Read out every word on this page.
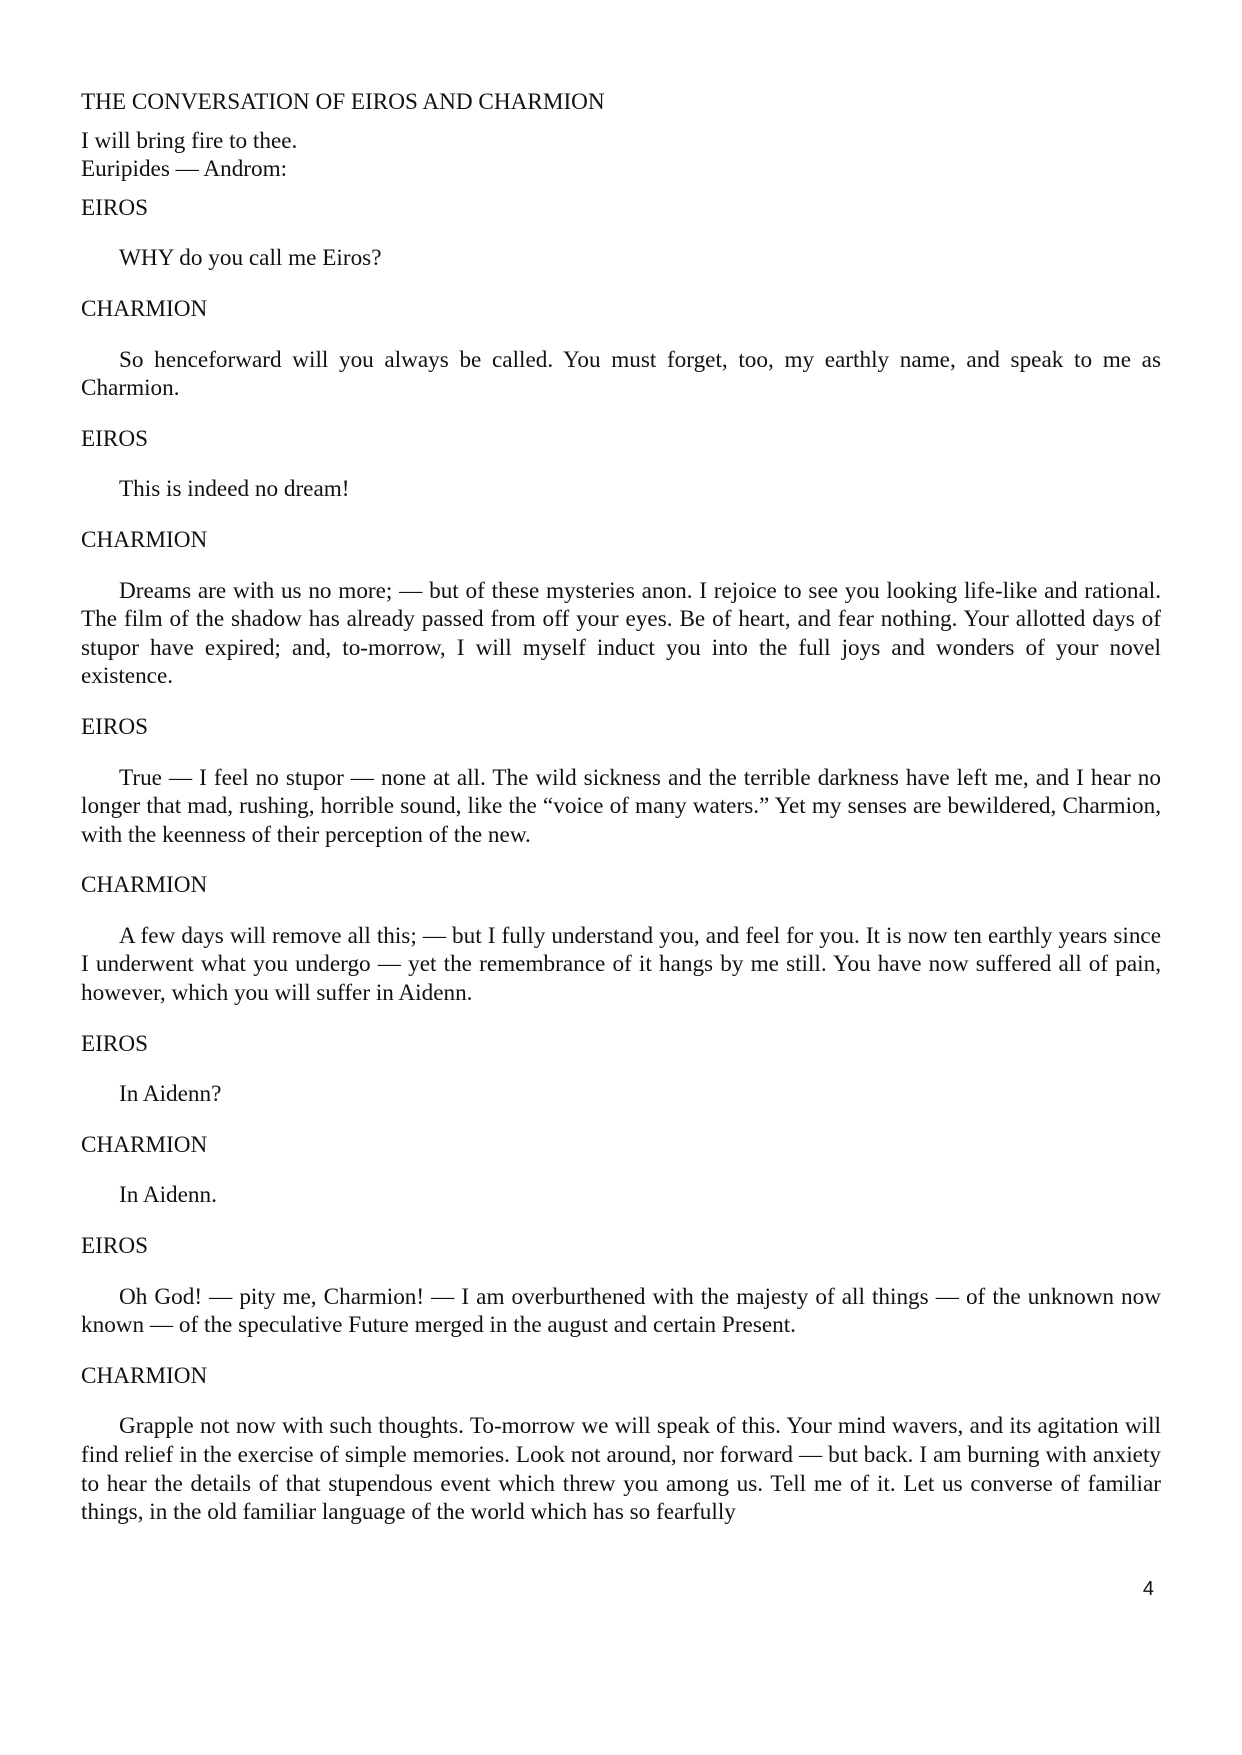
THE CONVERSATION OF EIROS AND CHARMION
I will bring fire to thee.
Euripides — Androm:
EIROS
WHY do you call me Eiros?
CHARMION
So henceforward will you always be called. You must forget, too, my earthly name, and speak to me as Charmion.
EIROS
This is indeed no dream!
CHARMION
Dreams are with us no more; — but of these mysteries anon. I rejoice to see you looking life-like and rational. The film of the shadow has already passed from off your eyes. Be of heart, and fear nothing. Your allotted days of stupor have expired; and, to-morrow, I will myself induct you into the full joys and wonders of your novel existence.
EIROS
True — I feel no stupor — none at all. The wild sickness and the terrible darkness have left me, and I hear no longer that mad, rushing, horrible sound, like the “voice of many waters.” Yet my senses are bewildered, Charmion, with the keenness of their perception of the new.
CHARMION
A few days will remove all this; — but I fully understand you, and feel for you. It is now ten earthly years since I underwent what you undergo — yet the remembrance of it hangs by me still. You have now suffered all of pain, however, which you will suffer in Aidenn.
EIROS
In Aidenn?
CHARMION
In Aidenn.
EIROS
Oh God! — pity me, Charmion! — I am overburthened with the majesty of all things — of the unknown now known — of the speculative Future merged in the august and certain Present.
CHARMION
Grapple not now with such thoughts. To-morrow we will speak of this. Your mind wavers, and its agitation will find relief in the exercise of simple memories. Look not around, nor forward — but back. I am burning with anxiety to hear the details of that stupendous event which threw you among us. Tell me of it. Let us converse of familiar things, in the old familiar language of the world which has so fearfully
4
